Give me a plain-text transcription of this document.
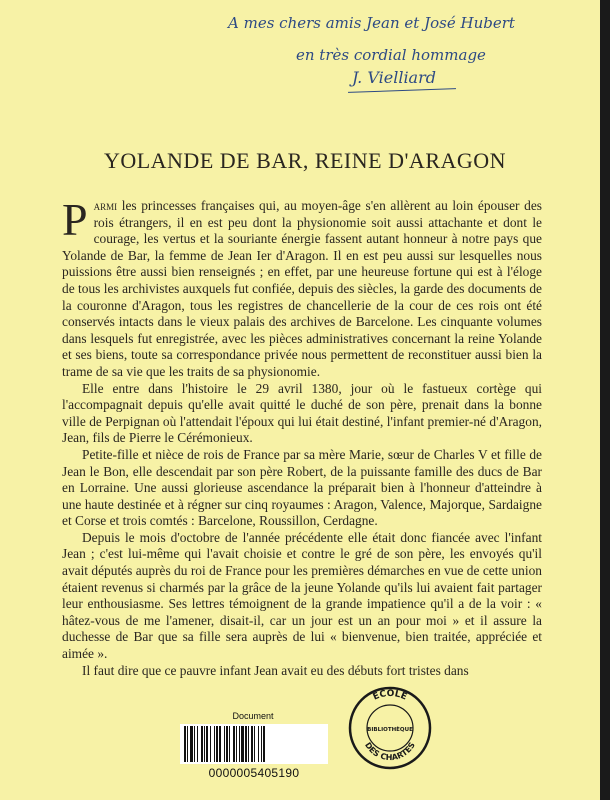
A mes chers amis Jean et José Hubert
en très cordial hommage
J. Vielliard
YOLANDE DE BAR, REINE D'ARAGON

Parmi les princesses françaises qui, au moyen-âge s'en allèrent au loin épouser des rois étrangers, il en est peu dont la physionomie soit aussi attachante et dont le courage, les vertus et la souriante énergie fassent autant honneur à notre pays que Yolande de Bar, la femme de Jean Ier d'Aragon. Il en est peu aussi sur lesquelles nous puissions être aussi bien renseignés ; en effet, par une heureuse fortune qui est à l'éloge de tous les archivistes auxquels fut confiée, depuis des siècles, la garde des documents de la couronne d'Aragon, tous les registres de chancellerie de la cour de ces rois ont été conservés intacts dans le vieux palais des archives de Barcelone. Les cinquante volumes dans lesquels fut enregistrée, avec les pièces administratives concernant la reine Yolande et ses biens, toute sa correspondance privée nous permettent de reconstituer aussi bien la trame de sa vie que les traits de sa physionomie.

Elle entre dans l'histoire le 29 avril 1380, jour où le fastueux cortège qui l'accompagnait depuis qu'elle avait quitté le duché de son père, prenait dans la bonne ville de Perpignan où l'attendait l'époux qui lui était destiné, l'infant premier-né d'Aragon, Jean, fils de Pierre le Cérémonieux.

Petite-fille et nièce de rois de France par sa mère Marie, sœur de Charles V et fille de Jean le Bon, elle descendait par son père Robert, de la puissante famille des ducs de Bar en Lorraine. Une aussi glorieuse ascendance la préparait bien à l'honneur d'atteindre à une haute destinée et à régner sur cinq royaumes : Aragon, Valence, Majorque, Sardaigne et Corse et trois comtés : Barcelone, Roussillon, Cerdagne.

Depuis le mois d'octobre de l'année précédente elle était donc fiancée avec l'infant Jean ; c'est lui-même qui l'avait choisie et contre le gré de son père, les envoyés qu'il avait députés auprès du roi de France pour les premières démarches en vue de cette union étaient revenus si charmés par la grâce de la jeune Yolande qu'ils lui avaient fait partager leur enthousiasme. Ses lettres témoignent de la grande impatience qu'il a de la voir : « hâtez-vous de me l'amener, disait-il, car un jour est un an pour moi » et il assure la duchesse de Bar que sa fille sera auprès de lui « bienvenue, bien traitée, appréciée et aimée ».

Il faut dire que ce pauvre infant Jean avait eu des débuts fort tristes dans

ÉCOLE
BIBLIOTHÈQUE
DES CHARTES
Document
0000005405190
